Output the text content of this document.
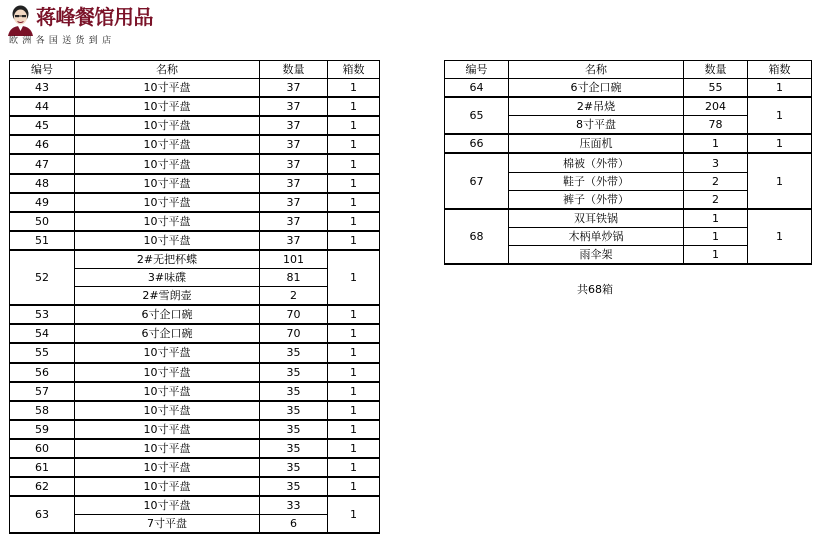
蒋峰餐馆用品
欧洲各国送货到店
编号	名称	数量	箱数
43	10寸平盘	37	1
44	10寸平盘	37	1
45	10寸平盘	37	1
46	10寸平盘	37	1
47	10寸平盘	37	1
48	10寸平盘	37	1
49	10寸平盘	37	1
50	10寸平盘	37	1
51	10寸平盘	37	1
52	2#无把杯蝶	101	1
	3#味碟	81	
	2#雪朗壶	2	
53	6寸企口碗	70	1
54	6寸企口碗	70	1
55	10寸平盘	35	1
56	10寸平盘	35	1
57	10寸平盘	35	1
58	10寸平盘	35	1
59	10寸平盘	35	1
60	10寸平盘	35	1
61	10寸平盘	35	1
62	10寸平盘	35	1
63	10寸平盘	33	1
	7寸平盘	6	
编号	名称	数量	箱数
64	6寸企口碗	55	1
65	2#吊烧	204	1
	8寸平盘	78	
66	压面机	1	1
67	棉被（外带）	3	1
	鞋子（外带）	2	
	裤子（外带）	2	
68	双耳铁锅	1	1
	木柄单炒锅	1	
	雨伞架	1	
共68箱
